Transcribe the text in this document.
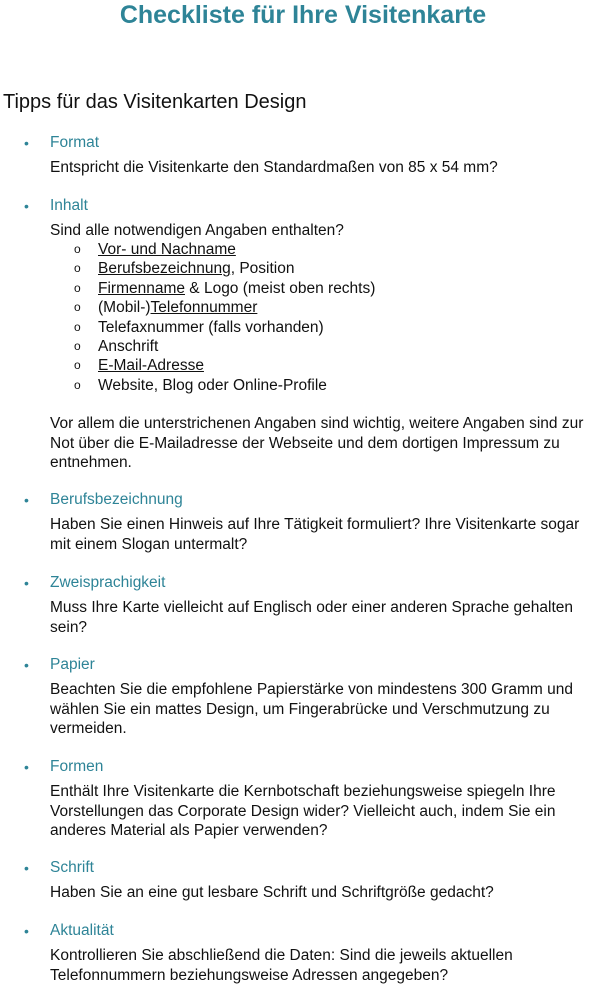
Checkliste für Ihre Visitenkarte
Tipps für das Visitenkarten Design
• Format
Entspricht die Visitenkarte den Standardmaßen von 85 x 54 mm?
• Inhalt
Sind alle notwendigen Angaben enthalten?
o Vor- und Nachname
o Berufsbezeichnung, Position
o Firmenname & Logo (meist oben rechts)
o (Mobil-)Telefonnummer
o Telefaxnummer (falls vorhanden)
o Anschrift
o E-Mail-Adresse
o Website, Blog oder Online-Profile
Vor allem die unterstrichenen Angaben sind wichtig, weitere Angaben sind zur Not über die E-Mailadresse der Webseite und dem dortigen Impressum zu entnehmen.
• Berufsbezeichnung
Haben Sie einen Hinweis auf Ihre Tätigkeit formuliert? Ihre Visitenkarte sogar mit einem Slogan untermalt?
• Zweisprachigkeit
Muss Ihre Karte vielleicht auf Englisch oder einer anderen Sprache gehalten sein?
• Papier
Beachten Sie die empfohlene Papierstärke von mindestens 300 Gramm und wählen Sie ein mattes Design, um Fingerabrücke und Verschmutzung zu vermeiden.
• Formen
Enthält Ihre Visitenkarte die Kernbotschaft beziehungsweise spiegeln Ihre Vorstellungen das Corporate Design wider? Vielleicht auch, indem Sie ein anderes Material als Papier verwenden?
• Schrift
Haben Sie an eine gut lesbare Schrift und Schriftgröße gedacht?
• Aktualität
Kontrollieren Sie abschließend die Daten: Sind die jeweils aktuellen Telefonnummern beziehungsweise Adressen angegeben?
